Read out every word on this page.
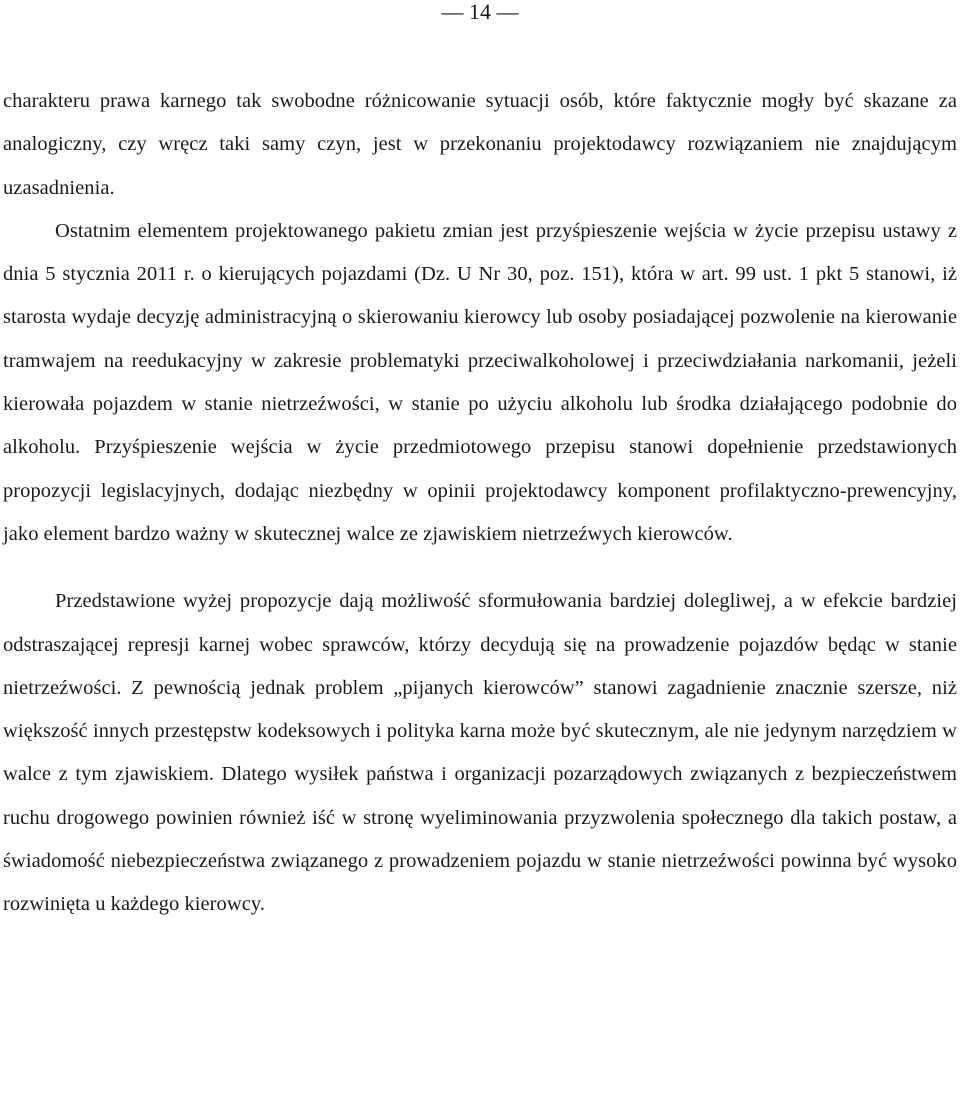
— 14 —

charakteru prawa karnego tak swobodne różnicowanie sytuacji osób, które faktycznie mogły być skazane za analogiczny, czy wręcz taki samy czyn, jest w przekonaniu projektodawcy rozwiązaniem nie znajdującym uzasadnienia.

Ostatnim elementem projektowanego pakietu zmian jest przyśpieszenie wejścia w życie przepisu ustawy z dnia 5 stycznia 2011 r. o kierujących pojazdami (Dz. U Nr 30, poz. 151), która w art. 99 ust. 1 pkt 5 stanowi, iż starosta wydaje decyzję administracyjną o skierowaniu kierowcy lub osoby posiadającej pozwolenie na kierowanie tramwajem na reedukacyjny w zakresie problematyki przeciwalkoholowej i przeciwdziałania narkomanii, jeżeli kierowała pojazdem w stanie nietrzeźwości, w stanie po użyciu alkoholu lub środka działającego podobnie do alkoholu. Przyśpieszenie wejścia w życie przedmiotowego przepisu stanowi dopełnienie przedstawionych propozycji legislacyjnych, dodając niezbędny w opinii projektodawcy komponent profilaktyczno-prewencyjny, jako element bardzo ważny w skutecznej walce ze zjawiskiem nietrzeźwych kierowców.

Przedstawione wyżej propozycje dają możliwość sformułowania bardziej dolegliwej, a w efekcie bardziej odstraszającej represji karnej wobec sprawców, którzy decydują się na prowadzenie pojazdów będąc w stanie nietrzeźwości. Z pewnością jednak problem „pijanych kierowców” stanowi zagadnienie znacznie szersze, niż większość innych przestępstw kodeksowych i polityka karna może być skutecznym, ale nie jedynym narzędziem w walce z tym zjawiskiem. Dlatego wysiłek państwa i organizacji pozarządowych związanych z bezpieczeństwem ruchu drogowego powinien również iść w stronę wyeliminowania przyzwolenia społecznego dla takich postaw, a świadomość niebezpieczeństwa związanego z prowadzeniem pojazdu w stanie nietrzeźwości powinna być wysoko rozwinięta u każdego kierowcy.
